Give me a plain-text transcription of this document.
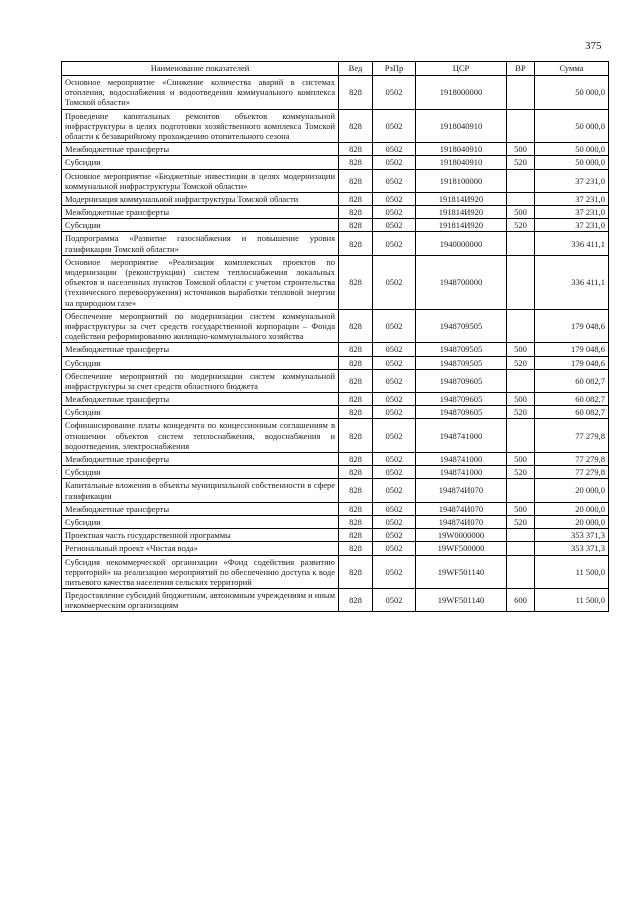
375
Наименование показателей	Вед	РзПр	ЦСР	ВР	Сумма
Основное мероприятие «Снижение количества аварий в системах отопления, водоснабжения и водоотведения коммунального комплекса Томской области»	828	0502	1918000000		50 000,0
Проведение капитальных ремонтов объектов коммунальной инфраструктуры в целях подготовки хозяйственного комплекса Томской области к безаварийному прохождению отопительного сезона	828	0502	1918040910		50 000,0
Межбюджетные трансферты	828	0502	1918040910	500	50 000,0
Субсидии	828	0502	1918040910	520	50 000,0
Основное мероприятие «Бюджетные инвестиции в целях модернизации коммунальной инфраструктуры Томской области»	828	0502	1918100000		37 231,0
Модернизация коммунальной инфраструктуры Томской области	828	0502	191814И920		37 231,0
Межбюджетные трансферты	828	0502	191814И920	500	37 231,0
Субсидии	828	0502	191814И920	520	37 231,0
Подпрограмма «Развитие газоснабжения и повышение уровня газификации Томской области»	828	0502	1940000000		336 411,1
Основное мероприятие «Реализация комплексных проектов по модернизации (реконструкции) систем теплоснабжения локальных объектов и населенных пунктов Томской области с учетом строительства (технического перевооружения) источников выработки тепловой энергии на природном газе»	828	0502	1948700000		336 411,1
Обеспечение мероприятий по модернизации систем коммунальной инфраструктуры за счет средств государственной корпорации – Фонда содействия реформированию жилищно-коммунального хозяйства	828	0502	1948709505		179 048,6
Межбюджетные трансферты	828	0502	1948709505	500	179 048,6
Субсидии	828	0502	1948709505	520	179 048,6
Обеспечение мероприятий по модернизации систем коммунальной инфраструктуры за счет средств областного бюджета	828	0502	1948709605		60 082,7
Межбюджетные трансферты	828	0502	1948709605	500	60 082,7
Субсидии	828	0502	1948709605	520	60 082,7
Софинансирование платы концедента по концессионным соглашениям в отношении объектов систем теплоснабжения, водоснабжения и водоотведения, электроснабжения	828	0502	1948741000		77 279,8
Межбюджетные трансферты	828	0502	1948741000	500	77 279,8
Субсидии	828	0502	1948741000	520	77 279,8
Капитальные вложения в объекты муниципальной собственности в сфере газификации	828	0502	194874И070		20 000,0
Межбюджетные трансферты	828	0502	194874И070	500	20 000,0
Субсидии	828	0502	194874И070	520	20 000,0
Проектная часть государственной программы	828	0502	19W0000000		353 371,3
Региональный проект «Чистая вода»	828	0502	19WF500000		353 371,3
Субсидия некоммерческой организации «Фонд содействия развитию территорий» на реализацию мероприятий по обеспечению доступа к воде питьевого качества населения сельских территорий	828	0502	19WF501140		11 500,0
Предоставление субсидий бюджетным, автономным учреждениям и иным некоммерческим организациям	828	0502	19WF501140	600	11 500,0
